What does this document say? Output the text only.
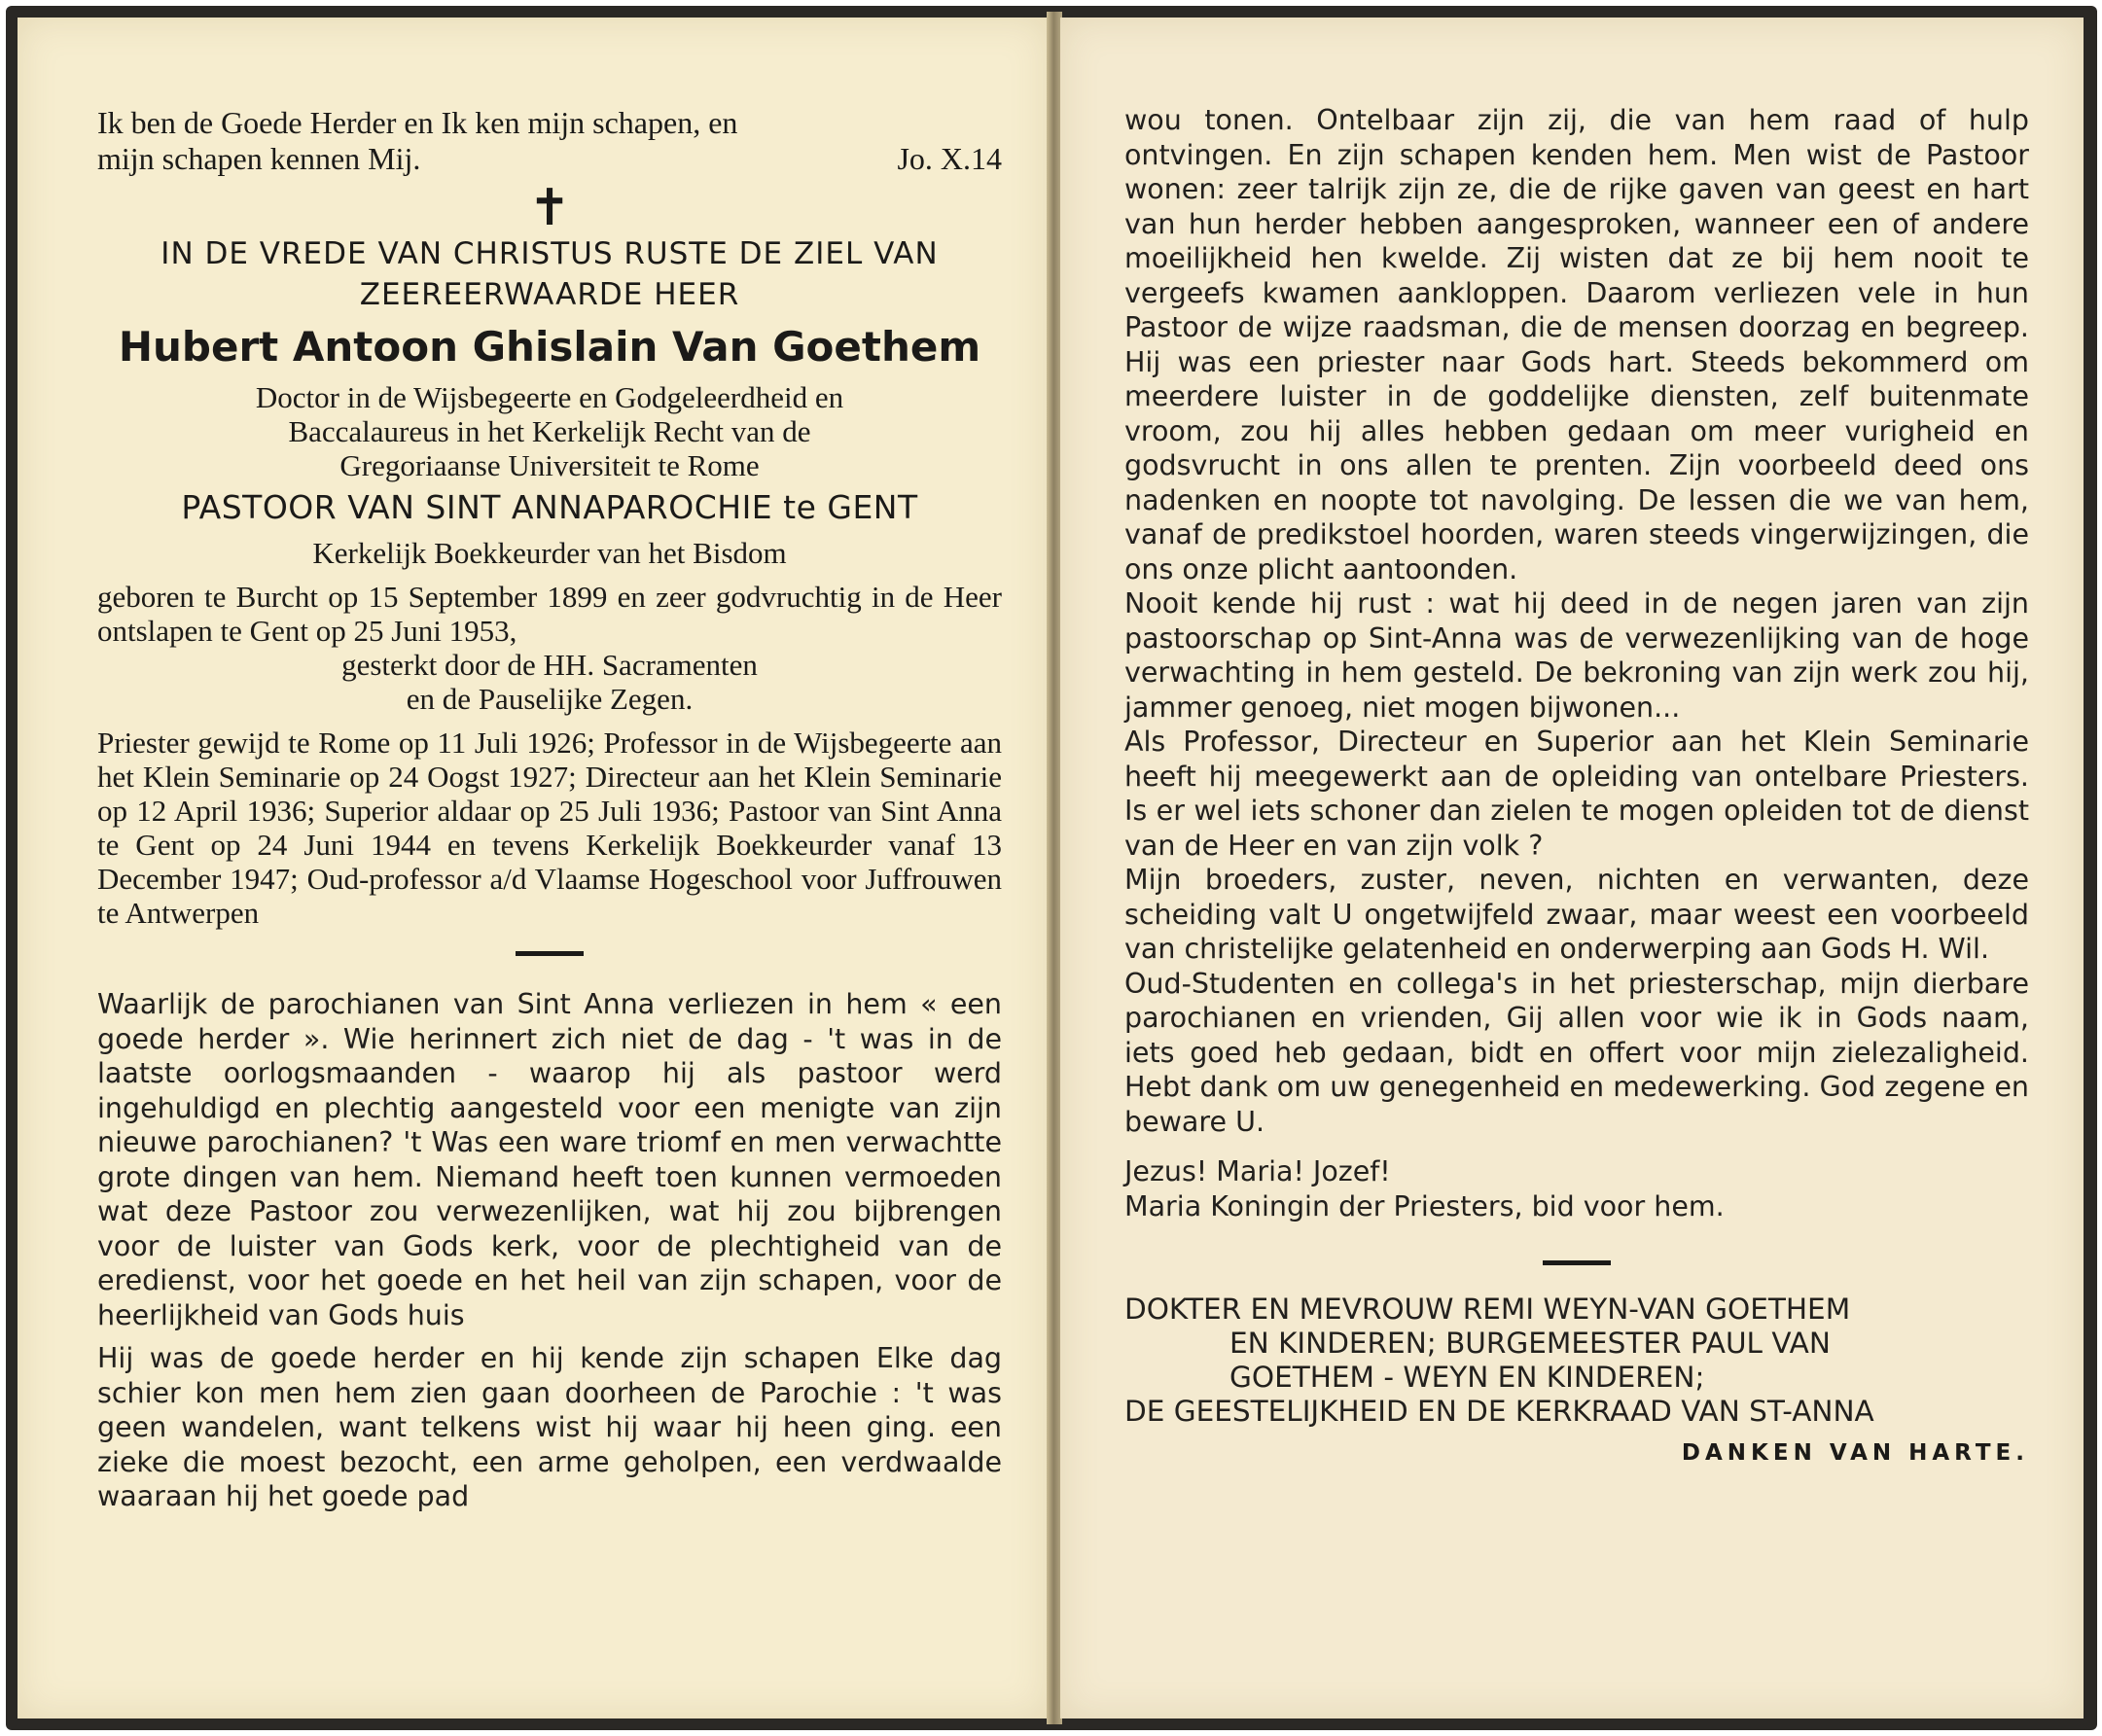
Ik ben de Goede Herder en Ik ken mijn schapen, en
mijn schapen kennen Mij.	Jo. X.14
✝
IN DE VREDE VAN CHRISTUS RUSTE DE ZIEL VAN
ZEEREERWAARDE HEER
Hubert Antoon Ghislain Van Goethem
Doctor in de Wijsbegeerte en Godgeleerdheid en
Baccalaureus in het Kerkelijk Recht van de
Gregoriaanse Universiteit te Rome
PASTOOR VAN SINT ANNAPAROCHIE te GENT
Kerkelijk Boekkeurder van het Bisdom
geboren te Burcht op 15 September 1899 en zeer godvruchtig in de Heer ontslapen te Gent op 25 Juni 1953,
gesterkt door de HH. Sacramenten
en de Pauselijke Zegen.
Priester gewijd te Rome op 11 Juli 1926; Professor in de Wijsbegeerte aan het Klein Seminarie op 24 Oogst 1927; Directeur aan het Klein Seminarie op 12 April 1936; Superior aldaar op 25 Juli 1936; Pastoor van Sint Anna te Gent op 24 Juni 1944 en tevens Kerkelijk Boekkeurder vanaf 13 December 1947; Oud-professor a/d Vlaamse Hogeschool voor Juffrouwen te Antwerpen

Waarlijk de parochianen van Sint Anna verliezen in hem « een goede herder ». Wie herinnert zich niet de dag - 't was in de laatste oorlogsmaanden - waarop hij als pastoor werd ingehuldigd en plechtig aangesteld voor een menigte van zijn nieuwe parochianen? 't Was een ware triomf en men verwachtte grote dingen van hem. Niemand heeft toen kunnen vermoeden wat deze Pastoor zou verwezenlijken, wat hij zou bijbrengen voor de luister van Gods kerk, voor de plechtigheid van de eredienst, voor het goede en het heil van zijn schapen, voor de heerlijkheid van Gods huis

Hij was de goede herder en hij kende zijn schapen Elke dag schier kon men hem zien gaan doorheen de Parochie : 't was geen wandelen, want telkens wist hij waar hij heen ging. een zieke die moest bezocht, een arme geholpen, een verdwaalde waaraan hij het goede pad

wou tonen. Ontelbaar zijn zij, die van hem raad of hulp ontvingen. En zijn schapen kenden hem. Men wist de Pastoor wonen: zeer talrijk zijn ze, die de rijke gaven van geest en hart van hun herder hebben aangesproken, wanneer een of andere moeilijkheid hen kwelde. Zij wisten dat ze bij hem nooit te vergeefs kwamen aankloppen. Daarom verliezen vele in hun Pastoor de wijze raadsman, die de mensen doorzag en begreep. Hij was een priester naar Gods hart. Steeds bekommerd om meerdere luister in de goddelijke diensten, zelf buitenmate vroom, zou hij alles hebben gedaan om meer vurigheid en godsvrucht in ons allen te prenten. Zijn voorbeeld deed ons nadenken en noopte tot navolging. De lessen die we van hem, vanaf de predikstoel hoorden, waren steeds vingerwijzingen, die ons onze plicht aantoonden.

Nooit kende hij rust : wat hij deed in de negen jaren van zijn pastoorschap op Sint-Anna was de verwezenlijking van de hoge verwachting in hem gesteld. De bekroning van zijn werk zou hij, jammer genoeg, niet mogen bijwonen...

Als Professor, Directeur en Superior aan het Klein Seminarie heeft hij meegewerkt aan de opleiding van ontelbare Priesters. Is er wel iets schoner dan zielen te mogen opleiden tot de dienst van de Heer en van zijn volk ?

Mijn broeders, zuster, neven, nichten en verwanten, deze scheiding valt U ongetwijfeld zwaar, maar weest een voorbeeld van christelijke gelatenheid en onderwerping aan Gods H. Wil.

Oud-Studenten en collega's in het priesterschap, mijn dierbare parochianen en vrienden, Gij allen voor wie ik in Gods naam, iets goed heb gedaan, bidt en offert voor mijn zielezaligheid. Hebt dank om uw genegenheid en medewerking. God zegene en beware U.

Jezus! Maria! Jozef!

Maria Koningin der Priesters, bid voor hem.

DOKTER EN MEVROUW REMI WEYN-VAN GOETHEM
EN KINDEREN; BURGEMEESTER PAUL VAN
GOETHEM - WEYN EN KINDEREN;
DE GEESTELIJKHEID EN DE KERKRAAD VAN ST-ANNA
DANKEN VAN HARTE.
